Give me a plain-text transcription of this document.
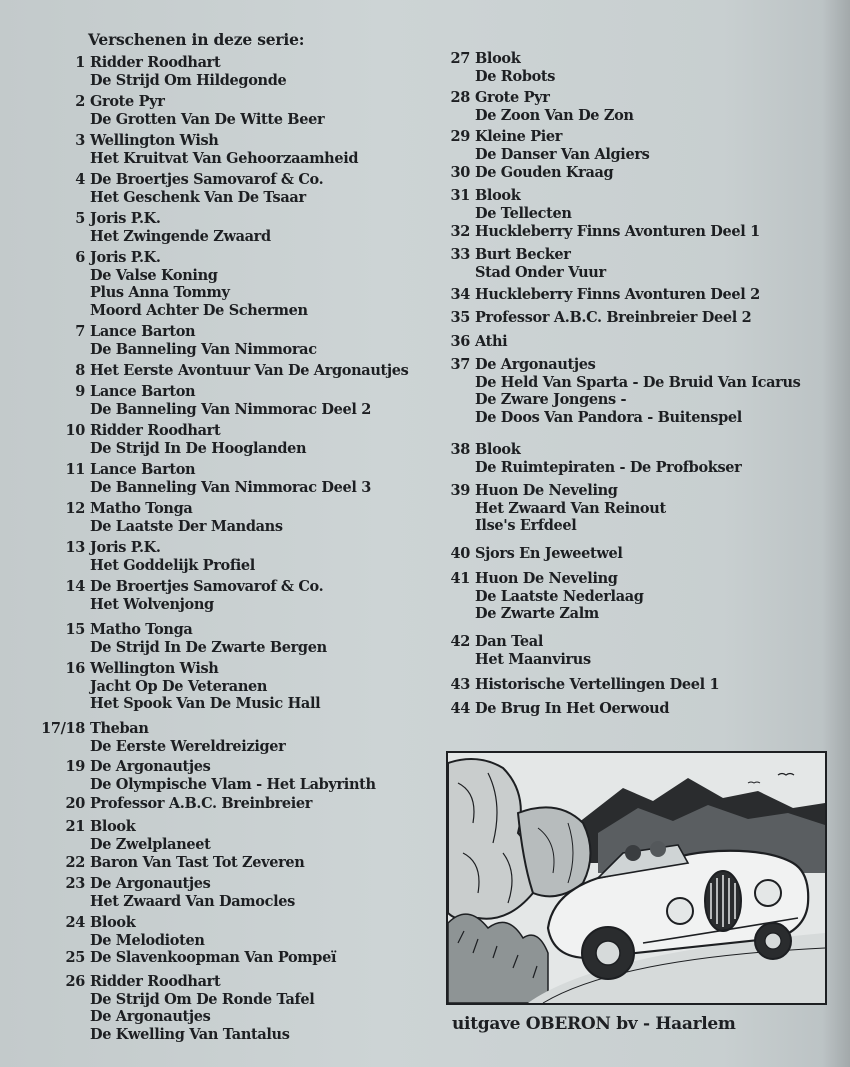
Verschenen in deze serie:
1 Ridder Roodhart
De Strijd Om Hildegonde
2 Grote Pyr
De Grotten Van De Witte Beer
3 Wellington Wish
Het Kruitvat Van Gehoorzaamheid
4 De Broertjes Samovarof & Co.
Het Geschenk Van De Tsaar
5 Joris P.K.
Het Zwingende Zwaard
6 Joris P.K.
De Valse Koning
Plus Anna Tommy
Moord Achter De Schermen
7 Lance Barton
De Banneling Van Nimmorac
8 Het Eerste Avontuur Van De Argonautjes
9 Lance Barton
De Banneling Van Nimmorac Deel 2
10 Ridder Roodhart
De Strijd In De Hooglanden
11 Lance Barton
De Banneling Van Nimmorac Deel 3
12 Matho Tonga
De Laatste Der Mandans
13 Joris P.K.
Het Goddelijk Profiel
14 De Broertjes Samovarof & Co.
Het Wolvenjong
15 Matho Tonga
De Strijd In De Zwarte Bergen
16 Wellington Wish
Jacht Op De Veteranen
Het Spook Van De Music Hall
17/18 Theban
De Eerste Wereldreiziger
19 De Argonautjes
De Olympische Vlam - Het Labyrinth
20 Professor A.B.C. Breinbreier
21 Blook
De Zwelplaneet
22 Baron Van Tast Tot Zeveren
23 De Argonautjes
Het Zwaard Van Damocles
24 Blook
De Melodioten
25 De Slavenkoopman Van Pompeï
26 Ridder Roodhart
De Strijd Om De Ronde Tafel
De Argonautjes
De Kwelling Van Tantalus
27 Blook
De Robots
28 Grote Pyr
De Zoon Van De Zon
29 Kleine Pier
De Danser Van Algiers
30 De Gouden Kraag
31 Blook
De Tellecten
32 Huckleberry Finns Avonturen Deel 1
33 Burt Becker
Stad Onder Vuur
34 Huckleberry Finns Avonturen Deel 2
35 Professor A.B.C. Breinbreier Deel 2
36 Athi
37 De Argonautjes
De Held Van Sparta - De Bruid Van Icarus
De Zware Jongens -
De Doos Van Pandora - Buitenspel
38 Blook
De Ruimtepiraten - De Profbokser
39 Huon De Neveling
Het Zwaard Van Reinout
Ilse's Erfdeel
40 Sjors En Jeweetwel
41 Huon De Neveling
De Laatste Nederlaag
De Zwarte Zalm
42 Dan Teal
Het Maanvirus
43 Historische Vertellingen Deel 1
44 De Brug In Het Oerwoud
uitgave OBERON bv - Haarlem
